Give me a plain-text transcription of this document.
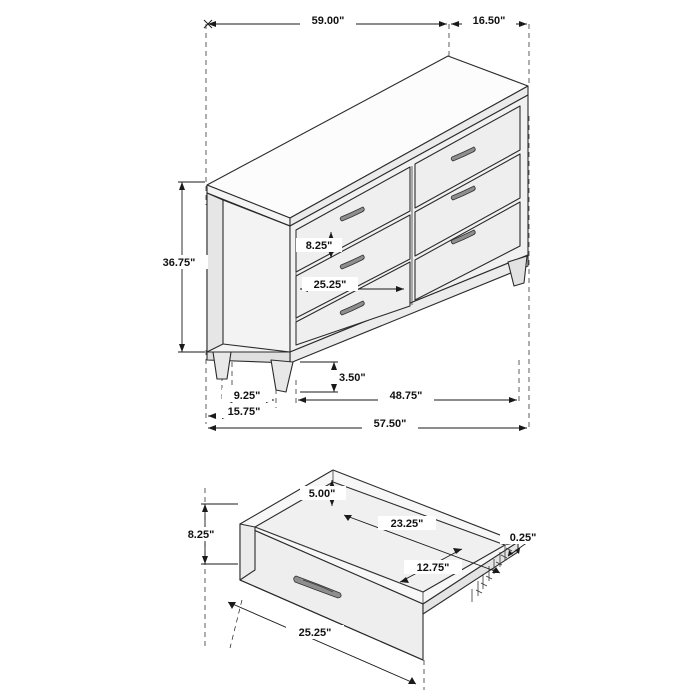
59.00"	16.50"
36.75"
8.25"
25.25"
3.50"
9.25"	48.75"
15.75"
57.50"
5.00"
23.25"
8.25"
12.75"
0.25"
25.25"
